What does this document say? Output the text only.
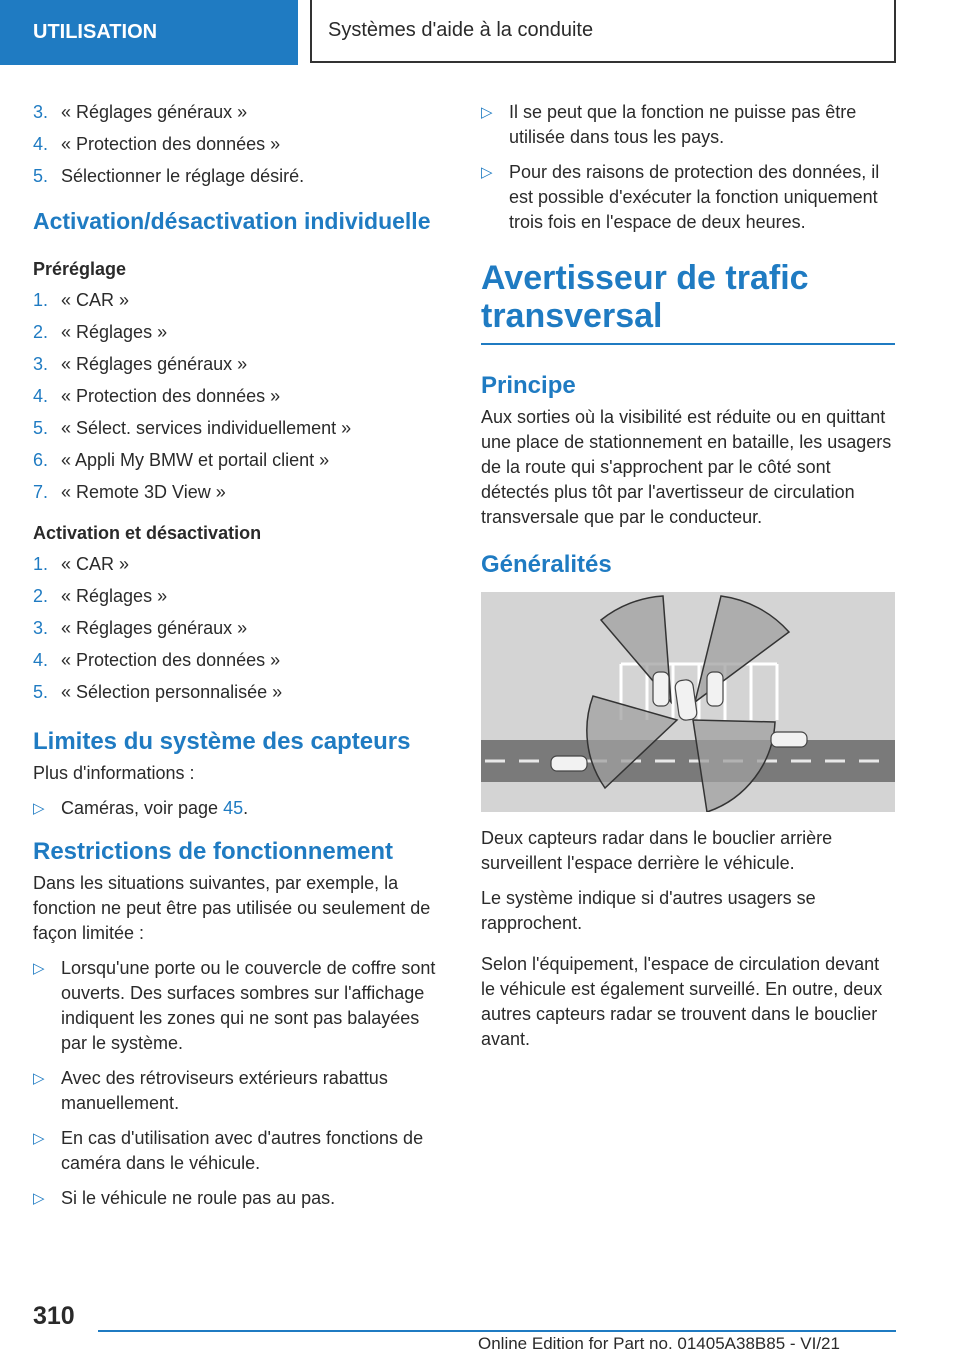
UTILISATION	Systèmes d'aide à la conduite
3. « Réglages généraux »
4. « Protection des données »
5. Sélectionner le réglage désiré.
Activation/désactivation individuelle
Préréglage
1. « CAR »
2. « Réglages »
3. « Réglages généraux »
4. « Protection des données »
5. « Sélect. services individuellement »
6. « Appli My BMW et portail client »
7. « Remote 3D View »
Activation et désactivation
1. « CAR »
2. « Réglages »
3. « Réglages généraux »
4. « Protection des données »
5. « Sélection personnalisée »
Limites du système des capteurs

Plus d'informations :

▷ Caméras, voir page 45.
Restrictions de fonctionnement

Dans les situations suivantes, par exemple, la fonction ne peut être pas utilisée ou seulement de façon limitée :

▷ Lorsqu'une porte ou le couvercle de coffre sont ouverts. Des surfaces sombres sur l'affichage indiquent les zones qui ne sont pas balayées par le système.
▷ Avec des rétroviseurs extérieurs rabattus manuellement.
▷ En cas d'utilisation avec d'autres fonctions de caméra dans le véhicule.
▷ Si le véhicule ne roule pas au pas.
▷ Il se peut que la fonction ne puisse pas être utilisée dans tous les pays.
▷ Pour des raisons de protection des données, il est possible d'exécuter la fonction uniquement trois fois en l'espace de deux heures.
Avertisseur de trafic transversal
Principe

Aux sorties où la visibilité est réduite ou en quittant une place de stationnement en bataille, les usagers de la route qui s'approchent par le côté sont détectés plus tôt par l'avertisseur de circulation transversale que par le conducteur.

Généralités

Deux capteurs radar dans le bouclier arrière surveillent l'espace derrière le véhicule.

Le système indique si d'autres usagers se rapprochent.

Selon l'équipement, l'espace de circulation devant le véhicule est également surveillé. En outre, deux autres capteurs radar se trouvent dans le bouclier avant.

310
Online Edition for Part no. 01405A38B85 - VI/21
